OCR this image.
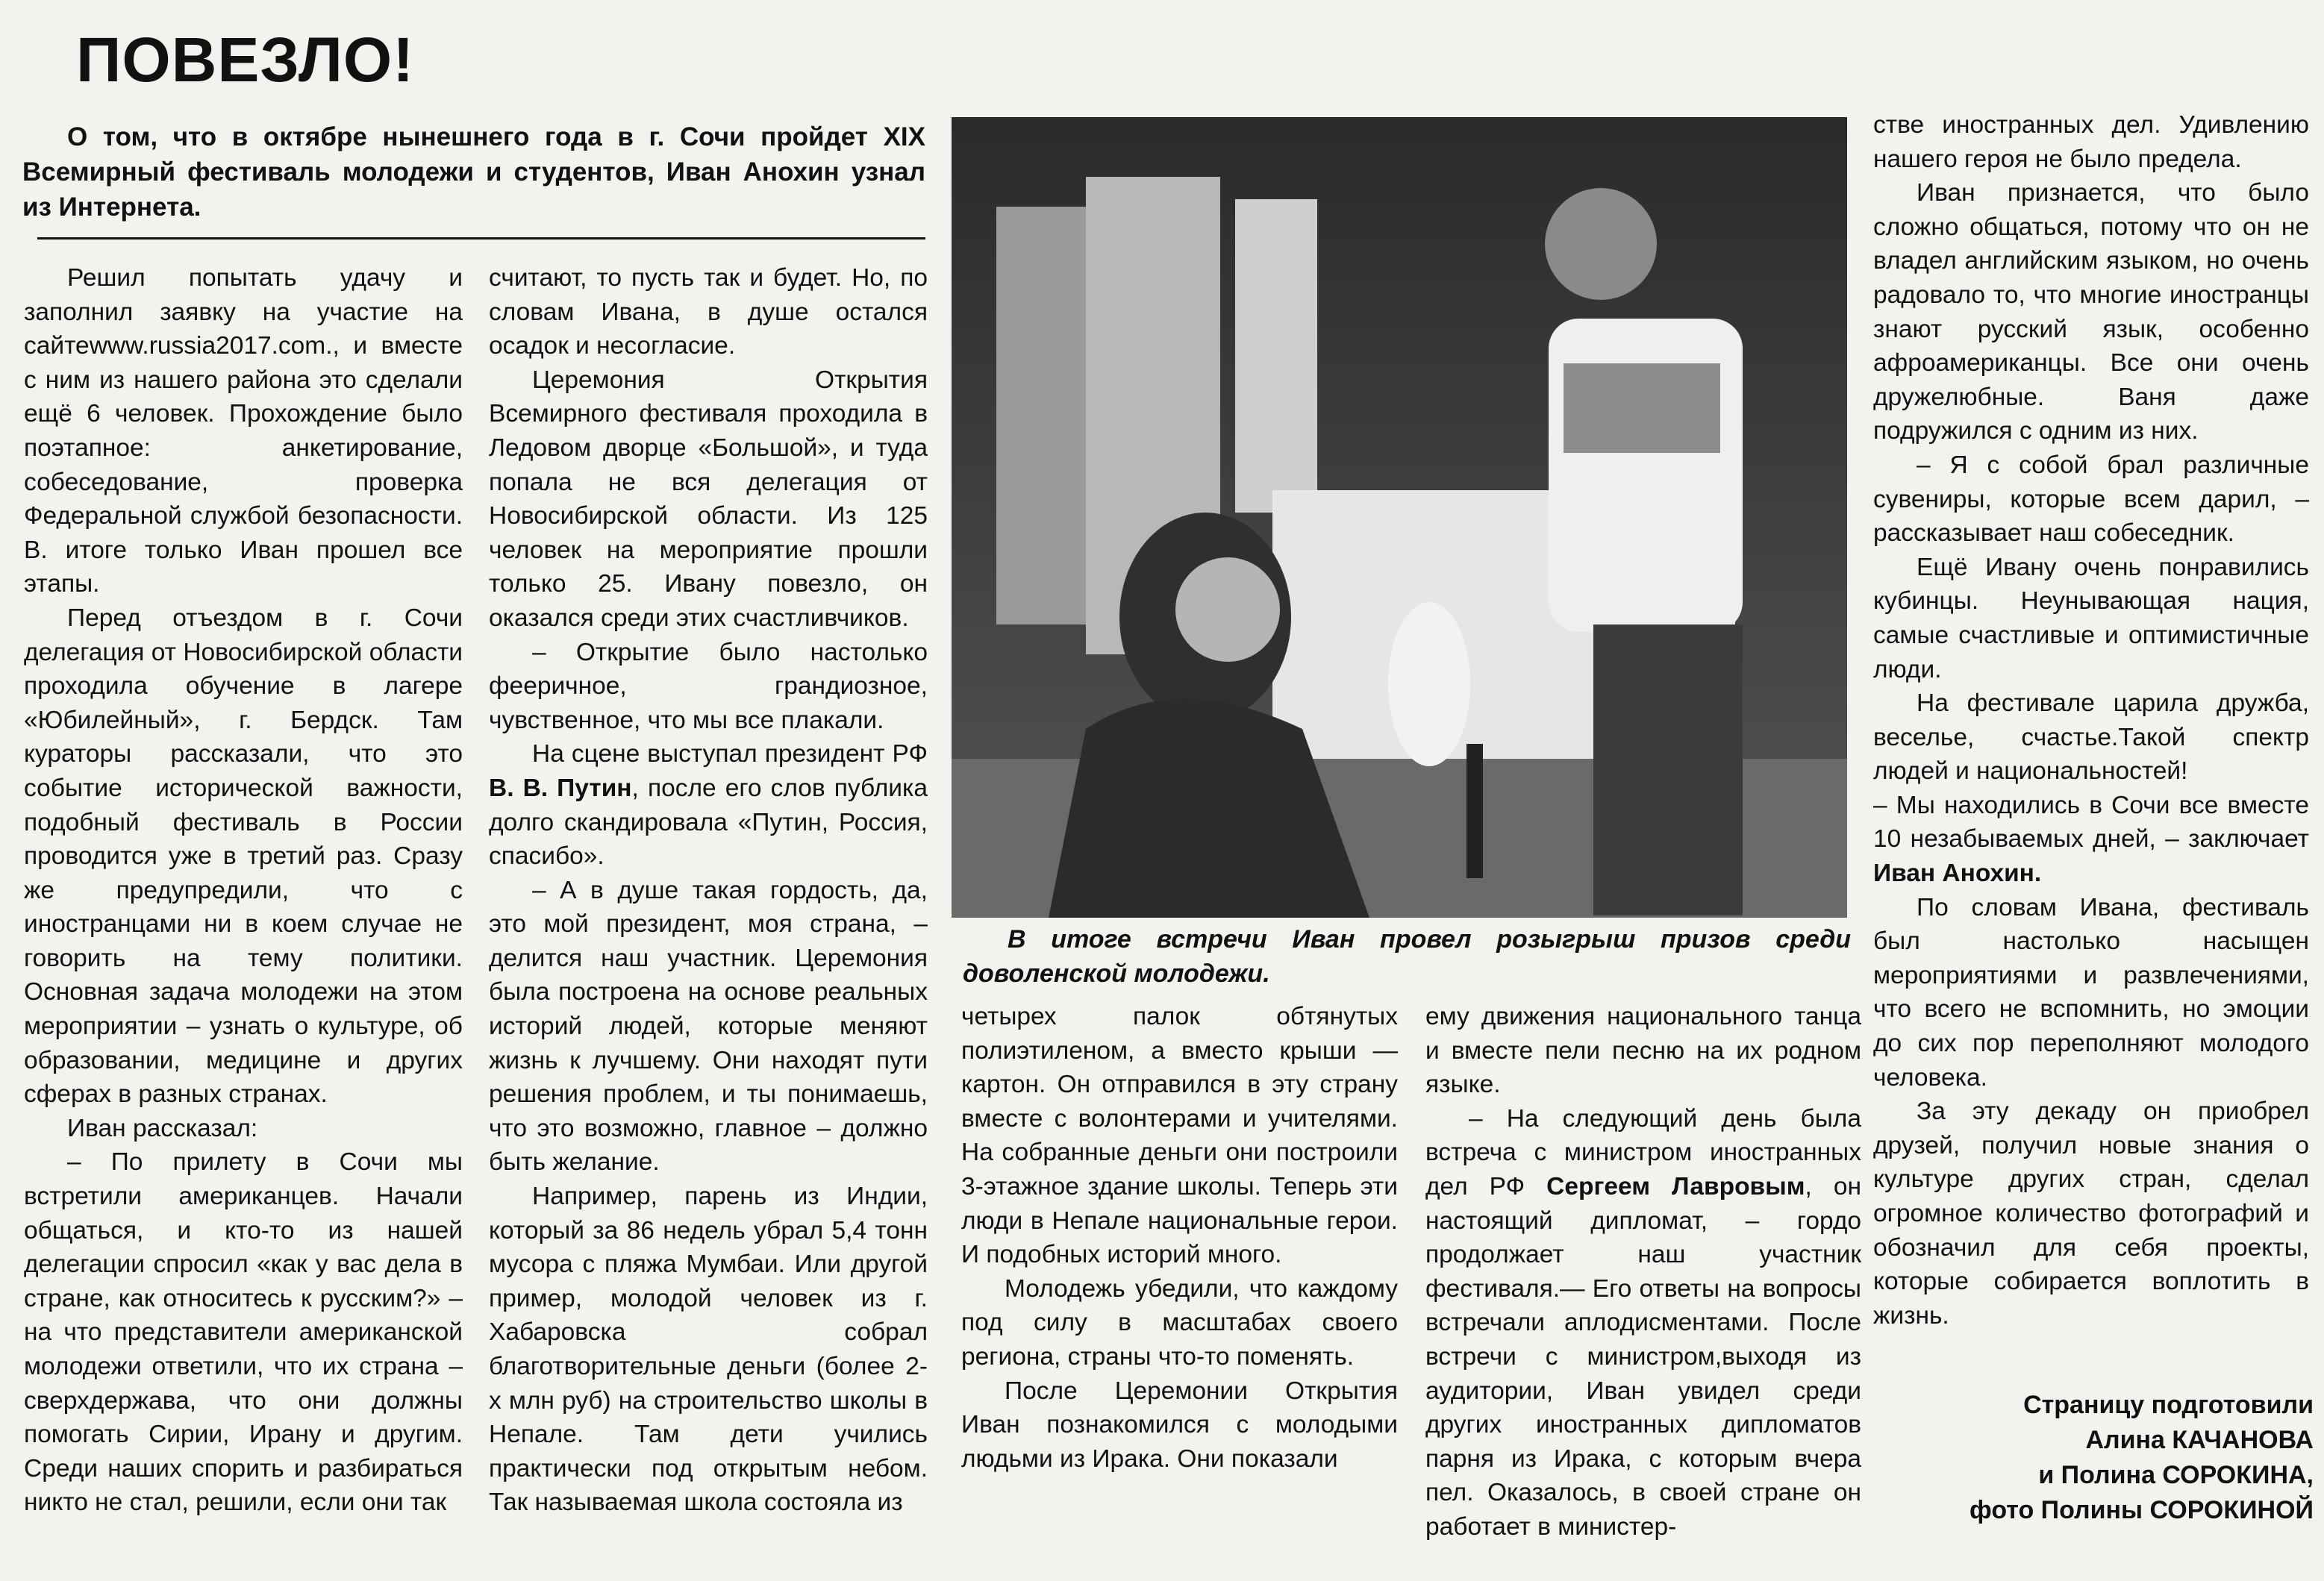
ПОВЕЗЛО!
О том, что в октябре нынешнего года в г. Сочи пройдет XIX Всемирный фестиваль молодежи и студентов, Иван Анохин узнал из Интернета.

Решил попытать удачу и заполнил заявку на участие на сайтеwww.russia2017.com., и вместе с ним из нашего района это сделали ещё 6 человек. Прохождение было поэтапное: анкетирование, собеседование, проверка Федеральной службой безопасности. В. итоге только Иван прошел все этапы.

Перед отъездом в г. Сочи делегация от Новосибирской области проходила обучение в лагере «Юбилейный», г. Бердск. Там кураторы рассказали, что это событие исторической важности, подобный фестиваль в России проводится уже в третий раз. Сразу же предупредили, что с иностранцами ни в коем случае не говорить на тему политики. Основная задача молодежи на этом мероприятии – узнать о культуре, об образовании, медицине и других сферах в разных странах.

Иван рассказал:

– По прилету в Сочи мы встретили американцев. Начали общаться, и кто-то из нашей делегации спросил «как у вас дела в стране, как относитесь к русским?» – на что представители американской молодежи ответили, что их страна – сверхдержава, что они должны помогать Сирии, Ирану и другим. Среди наших спорить и разбираться никто не стал, решили, если они так

считают, то пусть так и будет. Но, по словам Ивана, в душе остался осадок и несогласие.

Церемония Открытия Всемирного фестиваля проходила в Ледовом дворце «Большой», и туда попала не вся делегация от Новосибирской области. Из 125 человек на мероприятие прошли только 25. Ивану повезло, он оказался среди этих счастливчиков.

– Открытие было настолько фееричное, грандиозное, чувственное, что мы все плакали.

На сцене выступал президент РФ В. В. Путин, после его слов публика долго скандировала «Путин, Россия, спасибо».

– А в душе такая гордость, да, это мой президент, моя страна, – делится наш участник. Церемония была построена на основе реальных историй людей, которые меняют жизнь к лучшему. Они находят пути решения проблем, и ты понимаешь, что это возможно, главное – должно быть желание.

Например, парень из Индии, который за 86 недель убрал 5,4 тонн мусора с пляжа Мумбаи. Или другой пример, молодой человек из г. Хабаровска собрал благотворительные деньги (более 2-х млн руб) на строительство школы в Непале. Там дети учились практически под открытым небом. Так называемая школа состояла из

В итоге встречи Иван провел розыгрыш призов среди доволенской молодежи.

четырех палок обтянутых полиэтиленом, а вместо крыши — картон. Он отправился в эту страну вместе с волонтерами и учителями. На собранные деньги они построили 3-этажное здание школы. Теперь эти люди в Непале национальные герои. И подобных историй много.

Молодежь убедили, что каждому под силу в масштабах своего региона, страны что-то поменять.

После Церемонии Открытия Иван познакомился с молодыми людьми из Ирака. Они показали

ему движения национального танца и вместе пели песню на их родном языке.

– На следующий день была встреча с министром иностранных дел РФ Сергеем Лавровым, он настоящий дипломат, – гордо продолжает наш участник фестиваля.— Его ответы на вопросы встречали аплодисментами. После встречи с министром,выходя из аудитории, Иван увидел среди других иностранных дипломатов парня из Ирака, с которым вчера пел. Оказалось, в своей стране он работает в министер-

стве иностранных дел. Удивлению нашего героя не было предела.

Иван признается, что было сложно общаться, потому что он не владел английским языком, но очень радовало то, что многие иностранцы знают русский язык, особенно афроамериканцы. Все они очень дружелюбные. Ваня даже подружился с одним из них.

– Я с собой брал различные сувениры, которые всем дарил, – рассказывает наш собеседник.

Ещё Ивану очень понравились кубинцы. Неунывающая нация, самые счастливые и оптимистичные люди.

На фестивале царила дружба, веселье, счастье.Такой спектр людей и национальностей!

– Мы находились в Сочи все вместе 10 незабываемых дней, – заключает Иван Анохин.

По словам Ивана, фестиваль был настолько насыщен мероприятиями и развлечениями, что всего не вспомнить, но эмоции до сих пор переполняют молодого человека.

За эту декаду он приобрел друзей, получил новые знания о культуре других стран, сделал огромное количество фотографий и обозначил для себя проекты, которые собирается воплотить в жизнь.

Страницу подготовили
Алина КАЧАНОВА
и Полина СОРОКИНА,
фото Полины СОРОКИНОЙ
